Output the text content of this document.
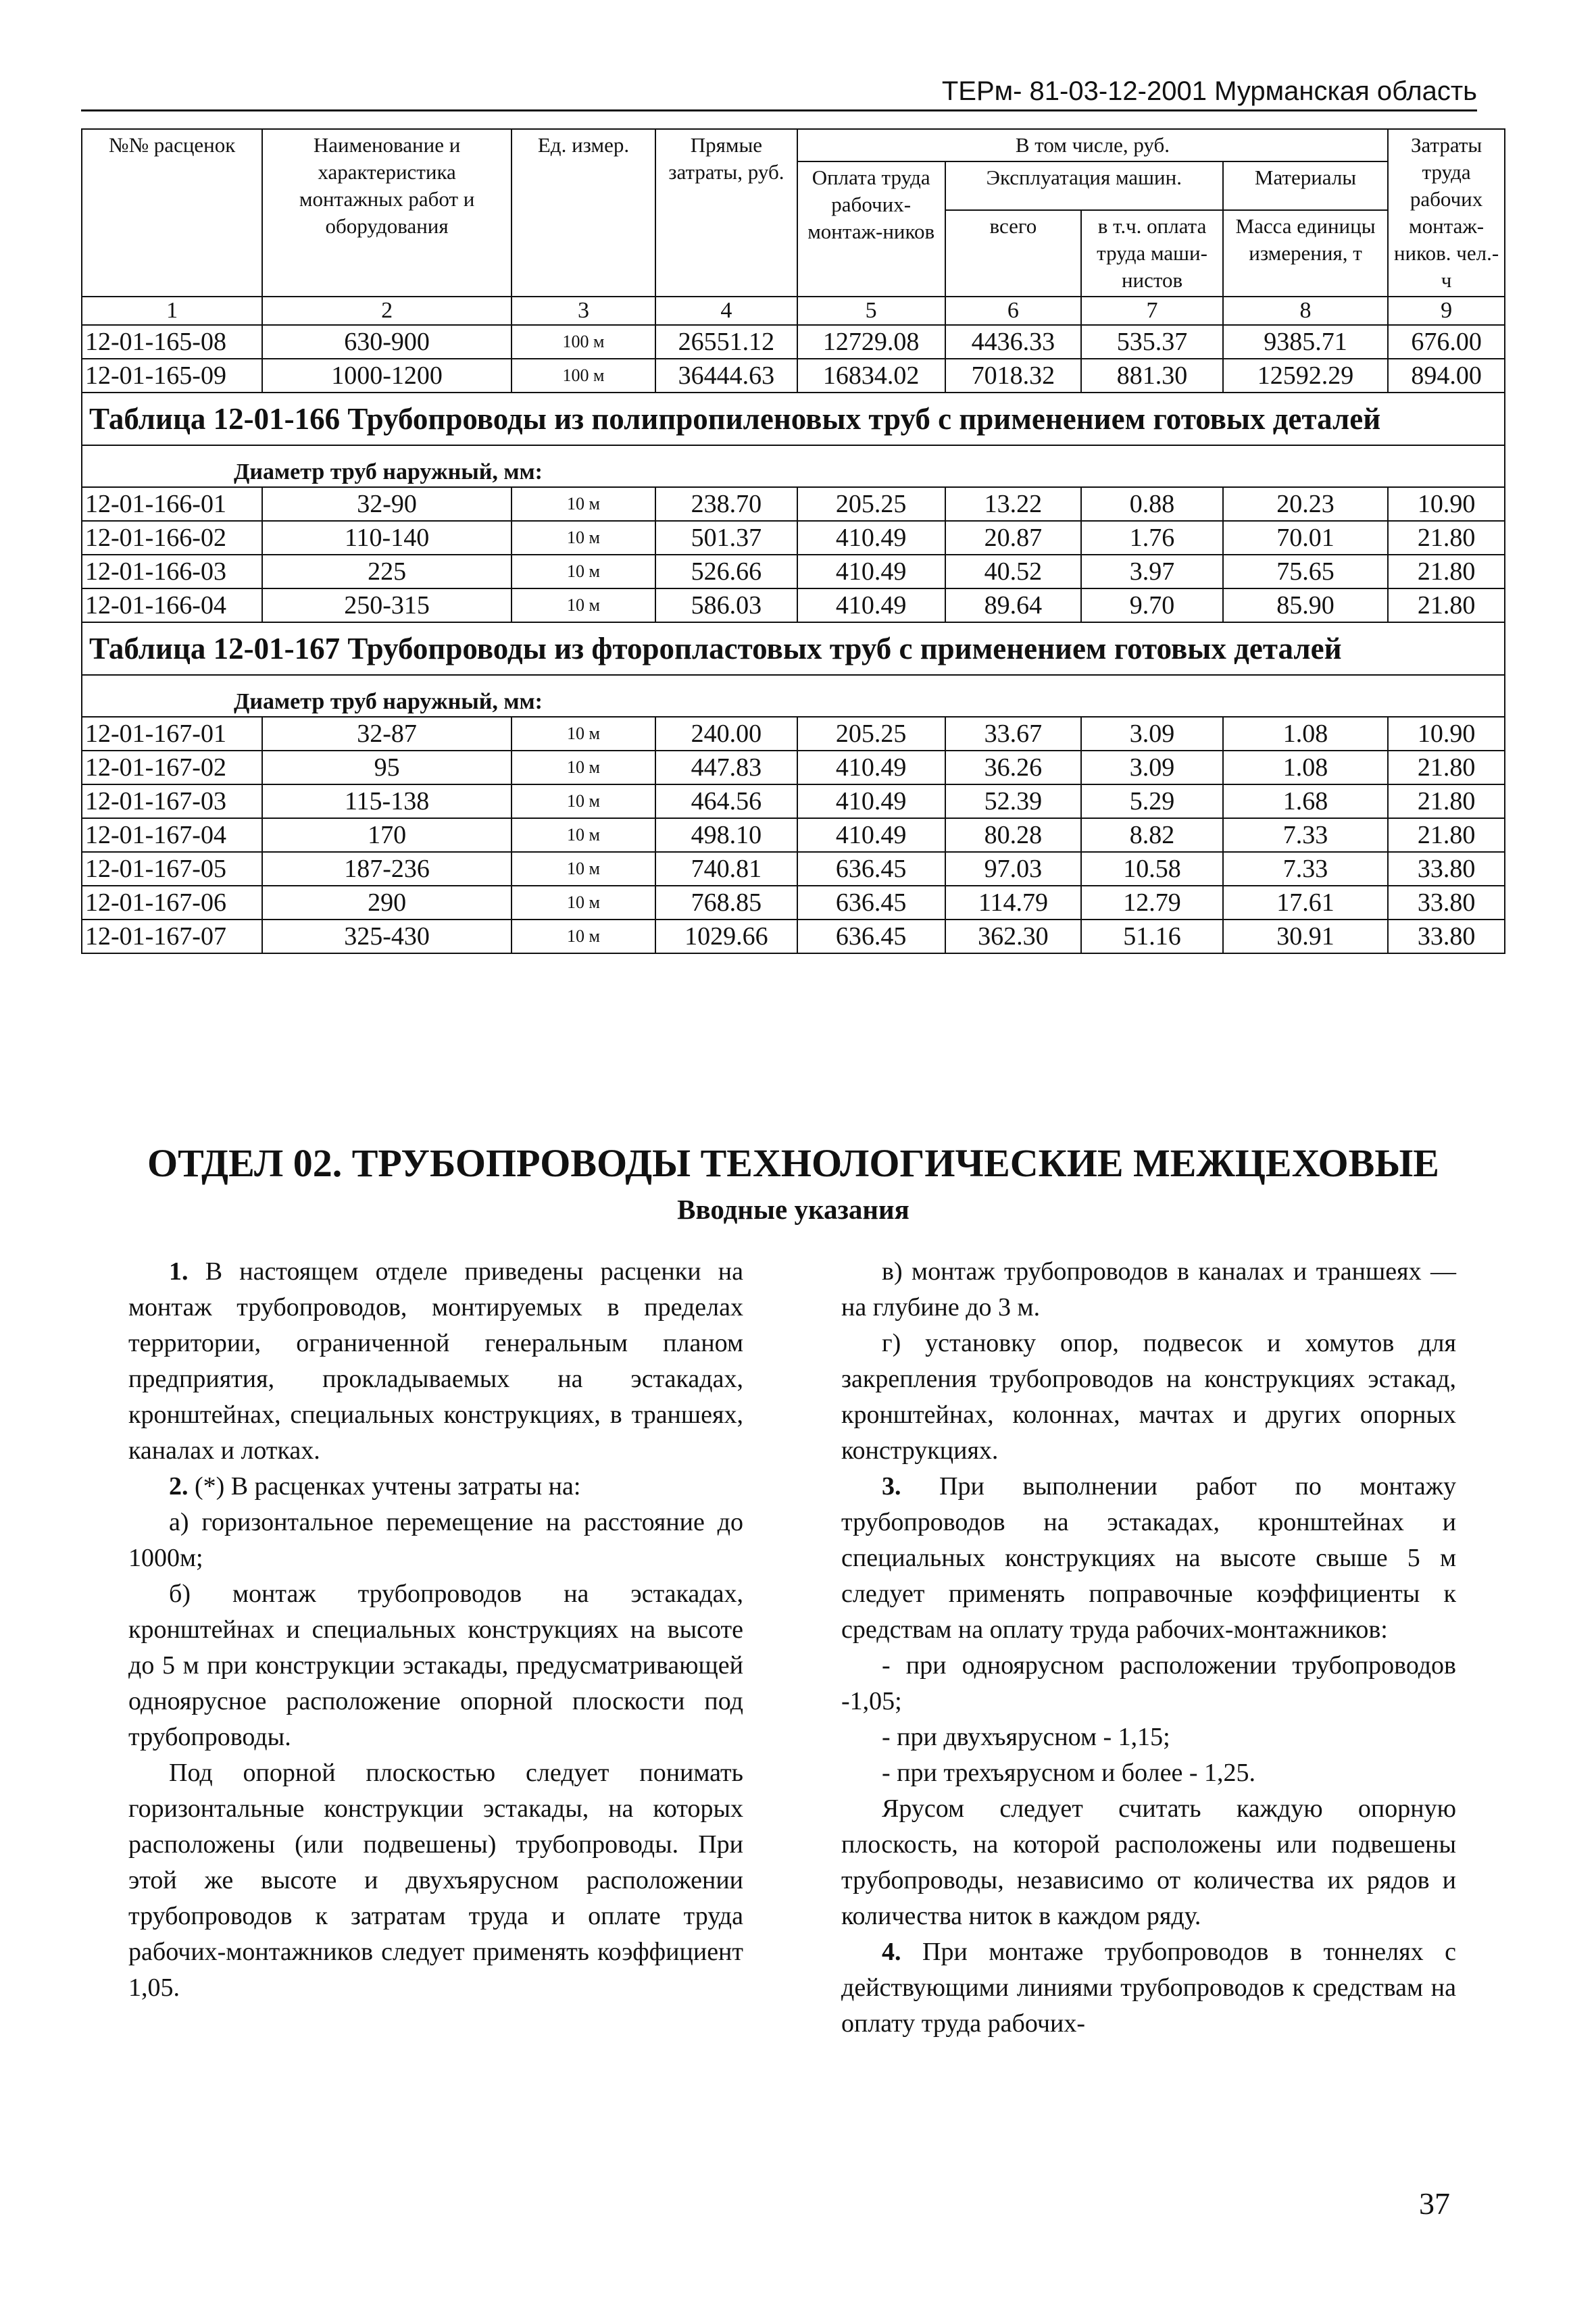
ТЕРм- 81-03-12-2001 Мурманская область
№№ расценок	Наименование и характеристика монтажных работ и оборудования	Ед. измер.	Прямые затраты, руб.	В том числе, руб.				Затраты труда рабочих монтаж-ников. чел.-ч
				Оплата труда рабочих-монтаж-ников	Эксплуатация машин.		Материалы	
					всего	в т.ч. оплата труда маши-нистов	Масса единицы измерения, т	
1	2	3	4	5	6	7	8	9
12-01-165-08	630-900	100 м	26551.12	12729.08	4436.33	535.37	9385.71	676.00
12-01-165-09	1000-1200	100 м	36444.63	16834.02	7018.32	881.30	12592.29	894.00
Таблица 12-01-166 Трубопроводы из полипропиленовых труб с применением готовых деталей								
Диаметр труб наружный, мм:								
12-01-166-01	32-90	10 м	238.70	205.25	13.22	0.88	20.23	10.90
12-01-166-02	110-140	10 м	501.37	410.49	20.87	1.76	70.01	21.80
12-01-166-03	225	10 м	526.66	410.49	40.52	3.97	75.65	21.80
12-01-166-04	250-315	10 м	586.03	410.49	89.64	9.70	85.90	21.80
Таблица 12-01-167 Трубопроводы из фторопластовых труб с применением готовых деталей								
Диаметр труб наружный, мм:								
12-01-167-01	32-87	10 м	240.00	205.25	33.67	3.09	1.08	10.90
12-01-167-02	95	10 м	447.83	410.49	36.26	3.09	1.08	21.80
12-01-167-03	115-138	10 м	464.56	410.49	52.39	5.29	1.68	21.80
12-01-167-04	170	10 м	498.10	410.49	80.28	8.82	7.33	21.80
12-01-167-05	187-236	10 м	740.81	636.45	97.03	10.58	7.33	33.80
12-01-167-06	290	10 м	768.85	636.45	114.79	12.79	17.61	33.80
12-01-167-07	325-430	10 м	1029.66	636.45	362.30	51.16	30.91	33.80
ОТДЕЛ 02. ТРУБОПРОВОДЫ ТЕХНОЛОГИЧЕСКИЕ МЕЖЦЕХОВЫЕ
Вводные указания

1. В настоящем отделе приведены расценки на монтаж трубопроводов, монтируемых в пределах территории, ограниченной генеральным планом предприятия, прокладываемых на эстакадах, кронштейнах, специальных конструкциях, в траншеях, каналах и лотках.

2. (*) В расценках учтены затраты на:

а) горизонтальное перемещение на расстояние до 1000м;

б) монтаж трубопроводов на эстакадах, кронштейнах и специальных конструкциях на высоте до 5 м при конструкции эстакады, предусматривающей одноярусное расположение опорной плоскости под трубопроводы.

Под опорной плоскостью следует понимать горизонтальные конструкции эстакады, на которых расположены (или подвешены) трубопроводы. При этой же высоте и двухъярусном расположении трубопроводов к затратам труда и оплате труда рабочих-монтажников следует применять коэффициент 1,05.

в) монтаж трубопроводов в каналах и траншеях — на глубине до 3 м.

г) установку опор, подвесок и хомутов для закрепления трубопроводов на конструкциях эстакад, кронштейнах, колоннах, мачтах и других опорных конструкциях.

3. При выполнении работ по монтажу трубопроводов на эстакадах, кронштейнах и специальных конструкциях на высоте свыше 5 м следует применять поправочные коэффициенты к средствам на оплату труда рабочих-монтажников:

- при одноярусном расположении трубопроводов -1,05;

- при двухъярусном - 1,15;

- при трехъярусном и более - 1,25.

Ярусом следует считать каждую опорную плоскость, на которой расположены или подвешены трубопроводы, независимо от количества их рядов и количества ниток в каждом ряду.

4. При монтаже трубопроводов в тоннелях с действующими линиями трубопроводов к средствам на оплату труда рабочих-

37
